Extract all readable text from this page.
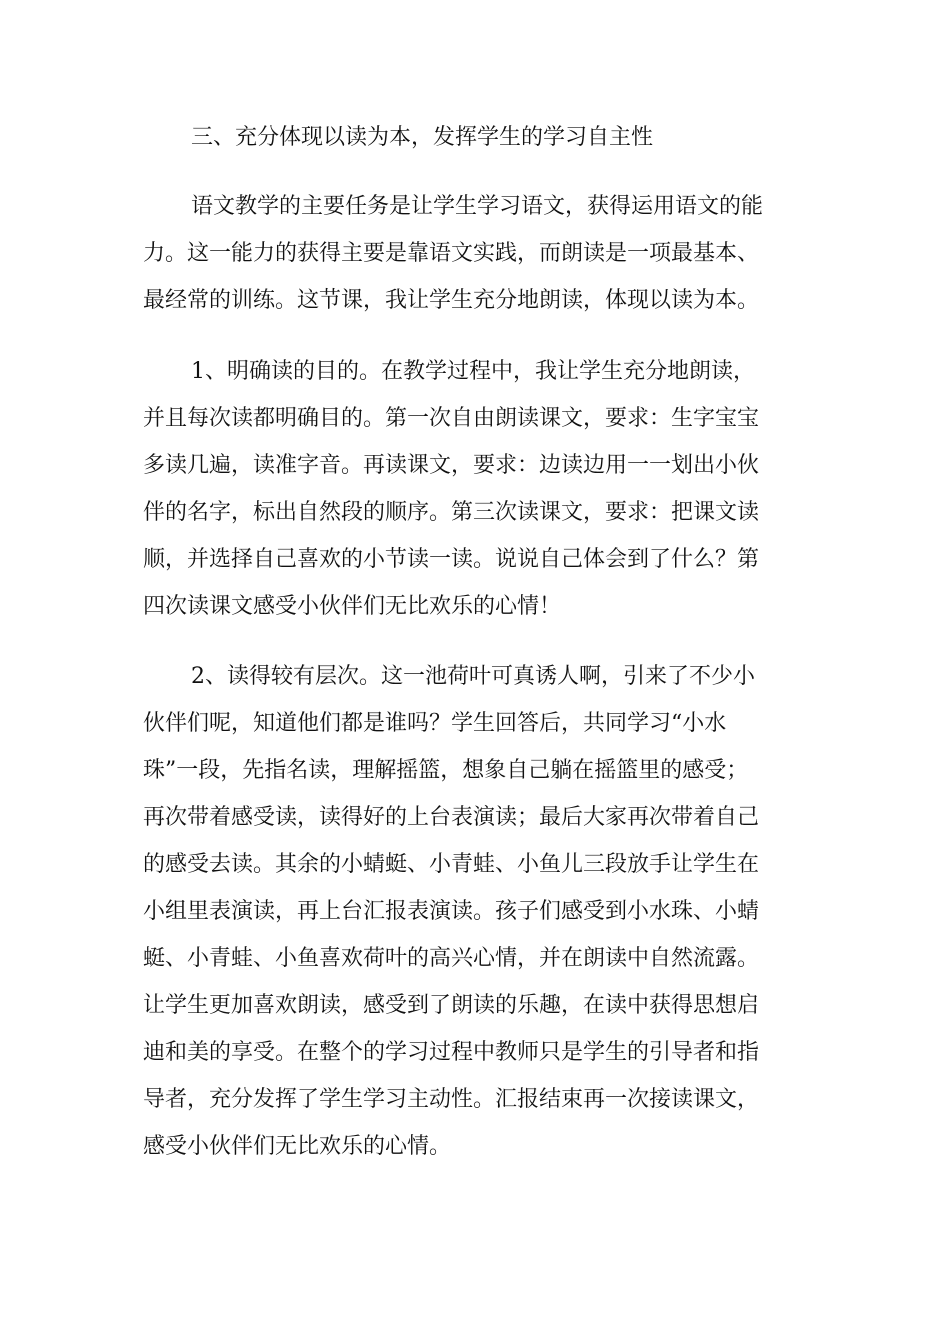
三、充分体现以读为本，发挥学生的学习自主性
语文教学的主要任务是让学生学习语文，获得运用语文的能
力。这一能力的获得主要是靠语文实践，而朗读是一项最基本、
最经常的训练。这节课，我让学生充分地朗读，体现以读为本。
1、明确读的目的。在教学过程中，我让学生充分地朗读，
并且每次读都明确目的。第一次自由朗读课文，要求：生字宝宝
多读几遍，读准字音。再读课文，要求：边读边用一一划出小伙
伴的名字，标出自然段的顺序。第三次读课文，要求：把课文读
顺，并选择自己喜欢的小节读一读。说说自己体会到了什么？第
四次读课文感受小伙伴们无比欢乐的心情！
2、读得较有层次。这一池荷叶可真诱人啊，引来了不少小
伙伴们呢，知道他们都是谁吗？学生回答后，共同学习“小水
珠”一段，先指名读，理解摇篮，想象自己躺在摇篮里的感受；
再次带着感受读，读得好的上台表演读；最后大家再次带着自己
的感受去读。其余的小蜻蜓、小青蛙、小鱼儿三段放手让学生在
小组里表演读，再上台汇报表演读。孩子们感受到小水珠、小蜻
蜓、小青蛙、小鱼喜欢荷叶的高兴心情，并在朗读中自然流露。
让学生更加喜欢朗读，感受到了朗读的乐趣，在读中获得思想启
迪和美的享受。在整个的学习过程中教师只是学生的引导者和指
导者，充分发挥了学生学习主动性。汇报结束再一次接读课文，
感受小伙伴们无比欢乐的心情。
